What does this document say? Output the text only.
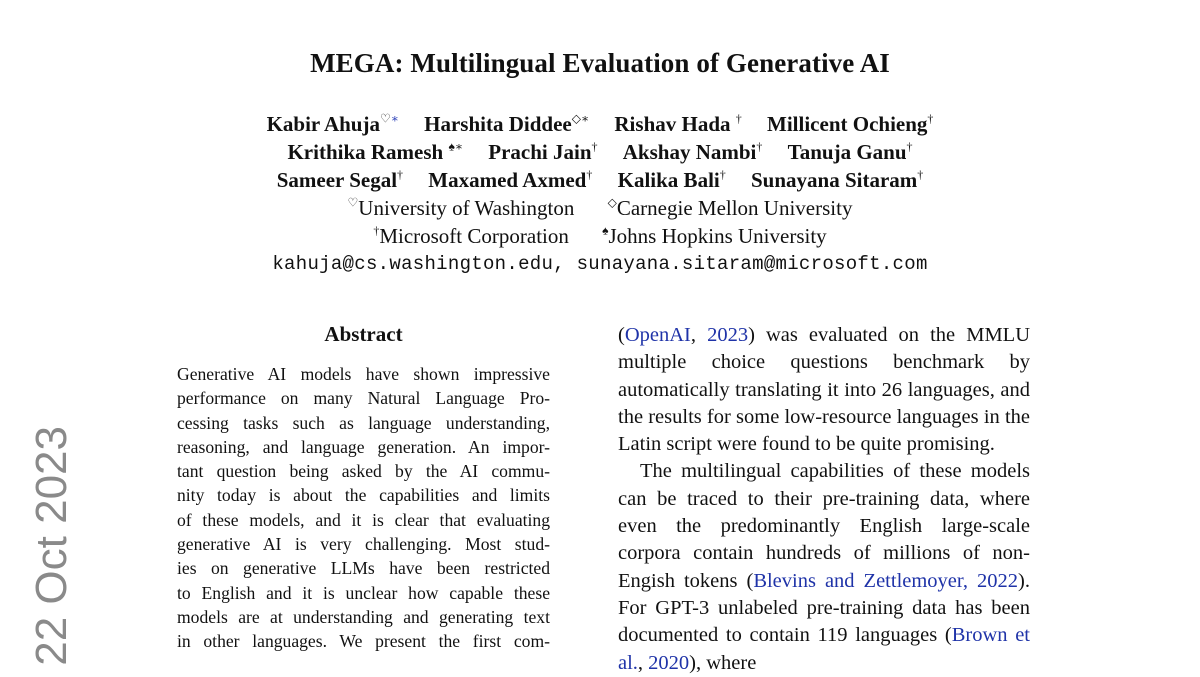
22 Oct 2023
MEGA: Multilingual Evaluation of Generative AI
Kabir Ahuja♡∗ Harshita Diddee◇∗ Rishav Hada † Millicent Ochieng†
Krithika Ramesh ♠∗ Prachi Jain† Akshay Nambi† Tanuja Ganu†
Sameer Segal† Maxamed Axmed† Kalika Bali† Sunayana Sitaram†
♡University of Washington	◇Carnegie Mellon University
†Microsoft Corporation	♠Johns Hopkins University
kahuja@cs.washington.edu, sunayana.sitaram@microsoft.com
Abstract
Generative AI models have shown impressive
performance on many Natural Language Pro-
cessing tasks such as language understanding,
reasoning, and language generation. An impor-
tant question being asked by the AI commu-
nity today is about the capabilities and limits
of these models, and it is clear that evaluating
generative AI is very challenging. Most stud-
ies on generative LLMs have been restricted
to English and it is unclear how capable these
models are at understanding and generating text
in other languages. We present the first com-

(OpenAI, 2023) was evaluated on the MMLU multiple choice questions benchmark by automatically translating it into 26 languages, and the results for some low-resource languages in the Latin script were found to be quite promising.

The multilingual capabilities of these models can be traced to their pre-training data, where even the predominantly English large-scale corpora contain hundreds of millions of non-Engish tokens (Blevins and Zettlemoyer, 2022). For GPT-3 unlabeled pre-training data has been documented to contain 119 languages (Brown et al., 2020), where
